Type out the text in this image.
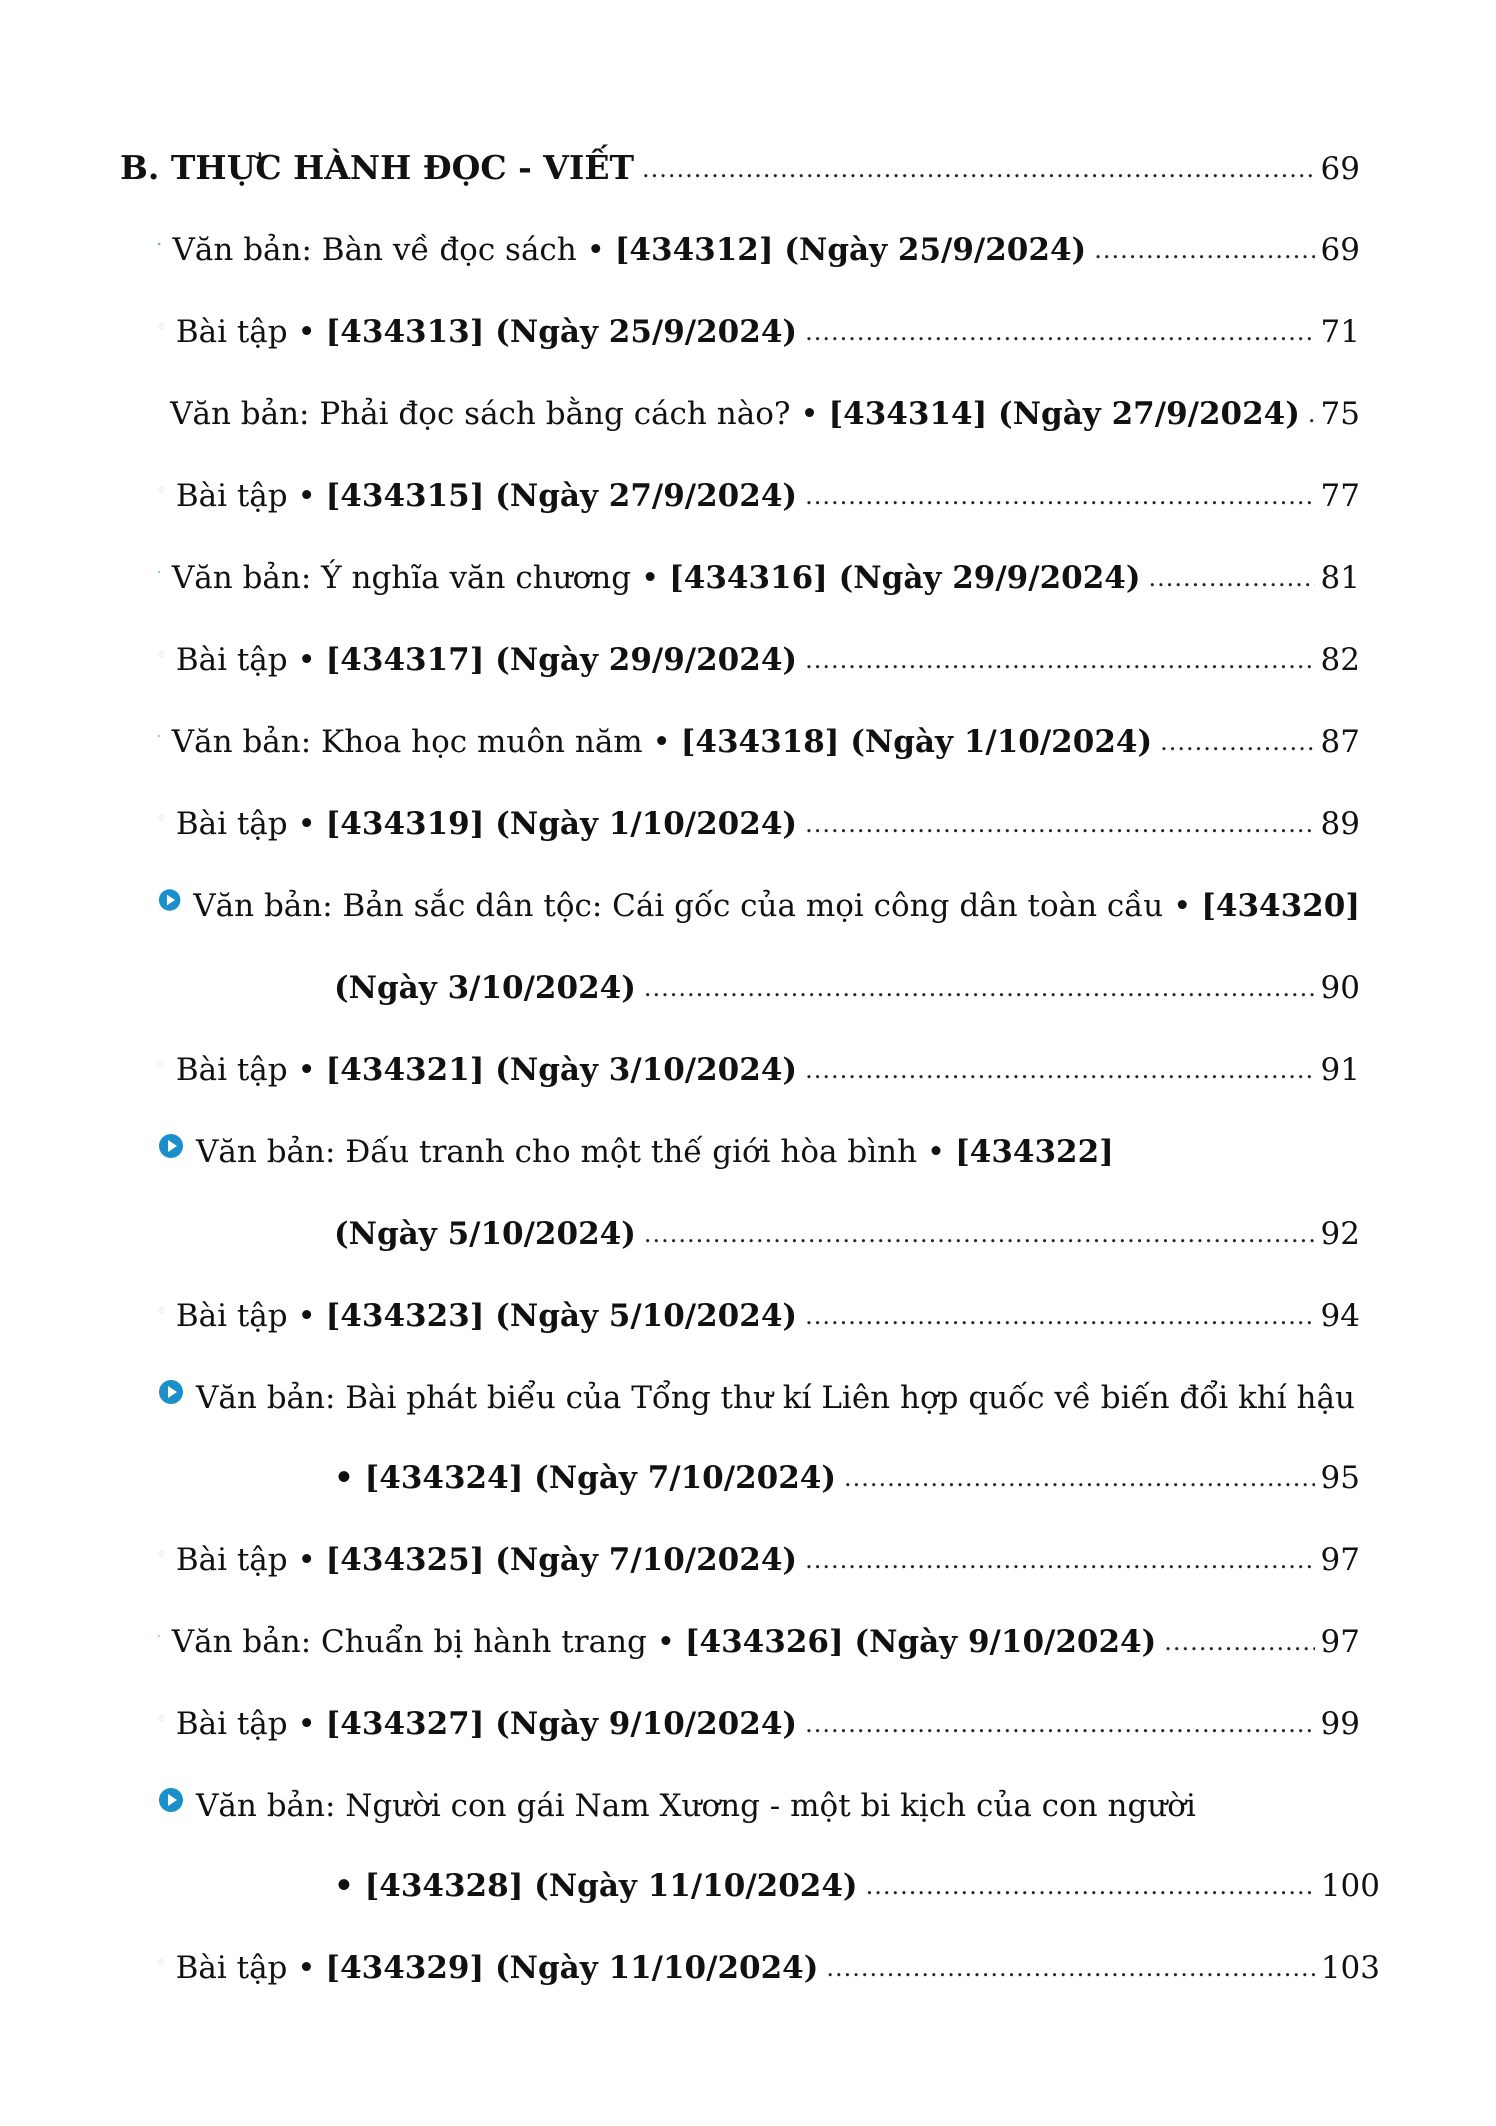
B. THỰC HÀNH ĐỌC - VIẾT .....	69
Văn bản: Bàn về đọc sách •
[434312] (Ngày 25/9/2024) .....	69
Bài tập •
[434313] (Ngày 25/9/2024) .....	71
Văn bản: Phải đọc sách bằng cách nào? •
[434314] (Ngày 27/9/2024) ..... 75
Bài tập •
[434315] (Ngày 27/9/2024) .....	77
Văn bản: Ý nghĩa văn chương •
[434316] (Ngày 29/9/2024) .....	81
Bài tập •
[434317] (Ngày 29/9/2024) .....	82
Văn bản: Khoa học muôn năm •
[434318] (Ngày 1/10/2024) .....	87
Bài tập •
[434319] (Ngày 1/10/2024) .....	89
Văn bản: Bản sắc dân tộc: Cái gốc của mọi công dân toàn cầu •
[434320]
(Ngày 3/10/2024) .....	90
Bài tập •
[434321] (Ngày 3/10/2024) .....	91
Văn bản: Đấu tranh cho một thế giới hòa bình •
[434322]
(Ngày 5/10/2024) .....	92
Bài tập •
[434323] (Ngày 5/10/2024) .....	94
Văn bản: Bài phát biểu của Tổng thư kí Liên hợp quốc về biến đổi khí hậu
• [434324] (Ngày 7/10/2024) .....	95
Bài tập •
[434325] (Ngày 7/10/2024) .....	97
Văn bản: Chuẩn bị hành trang •
[434326] (Ngày 9/10/2024) .....	97
Bài tập •
[434327] (Ngày 9/10/2024) .....	99
Văn bản: Người con gái Nam Xương - một bi kịch của con người
• [434328] (Ngày 11/10/2024) .....	100
Bài tập •
[434329] (Ngày 11/10/2024) .....	103
